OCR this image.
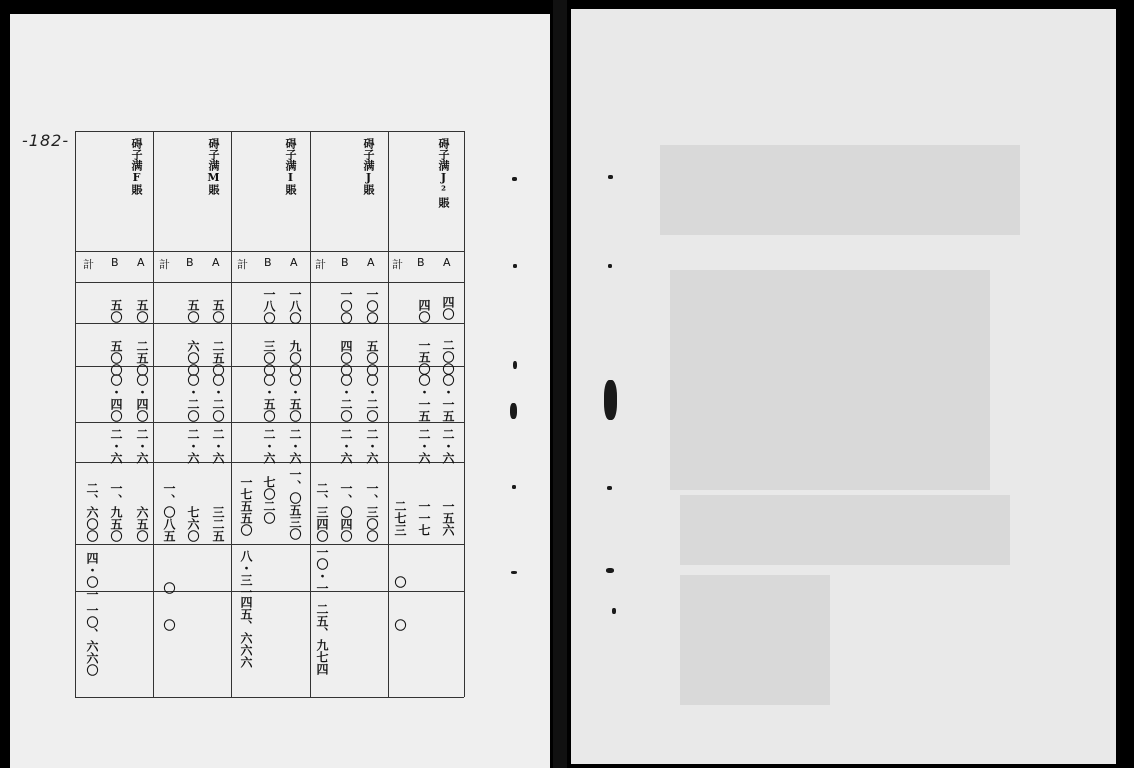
-182-	碍子满J²賬
碍子满J賬
碍子满I賬
碍子满M賬
碍子满F賬
A
B
計
A
B
計
A
B
計
A
B
計
A
B
計
四〇
四〇
二〇〇
一五〇
〇・一五
〇・一五
二・六
二・六
一五六
一一七
二七三
〇
〇
一〇〇
一〇〇
五〇〇
四〇〇
〇・二〇
〇・二〇
二・六
二・六
一、三〇〇
一、〇四〇
二、三四〇
一〇・一
二五、九七四
一八〇
一八〇
九〇〇
三〇〇
〇・五〇
〇・五〇
二・六
二・六
一、〇五三〇
七〇二〇
一七五五〇
八・三一
四五、六六六
五〇
五〇
二五〇
六〇〇
〇・二〇
〇・二〇
二・六
二・六
三二五
七六〇
一、〇八五
〇
〇
五〇
五〇
二五〇
五〇〇
〇・四〇
〇・四〇
二・六
二・六
六五〇
一、九五〇
二、六〇〇
四・〇一
一〇、六六〇
